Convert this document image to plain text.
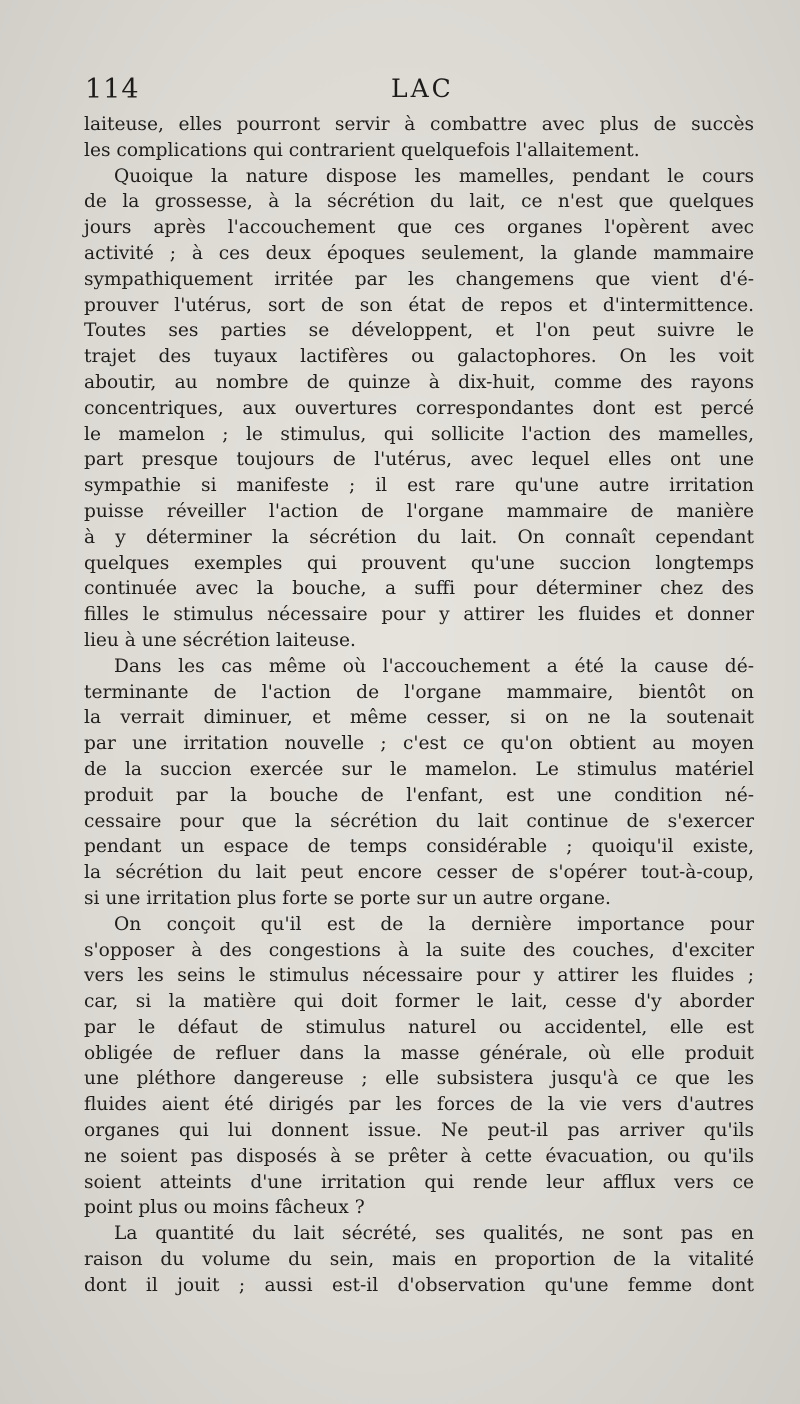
114	LAC
laiteuse, elles pourront servir à combattre avec plus de succès
les complications qui contrarient quelquefois l'allaitement.
Quoique la nature dispose les mamelles, pendant le cours
de la grossesse, à la sécrétion du lait, ce n'est que quelques
jours après l'accouchement que ces organes l'opèrent avec
activité ; à ces deux époques seulement, la glande mammaire
sympathiquement irritée par les changemens que vient d'é-
prouver l'utérus, sort de son état de repos et d'intermittence.
Toutes ses parties se développent, et l'on peut suivre le
trajet des tuyaux lactifères ou galactophores. On les voit
aboutir, au nombre de quinze à dix-huit, comme des rayons
concentriques, aux ouvertures correspondantes dont est percé
le mamelon ; le stimulus, qui sollicite l'action des mamelles,
part presque toujours de l'utérus, avec lequel elles ont une
sympathie si manifeste ; il est rare qu'une autre irritation
puisse réveiller l'action de l'organe mammaire de manière
à y déterminer la sécrétion du lait. On connaît cependant
quelques exemples qui prouvent qu'une succion longtemps
continuée avec la bouche, a suffi pour déterminer chez des
filles le stimulus nécessaire pour y attirer les fluides et donner
lieu à une sécrétion laiteuse.
Dans les cas même où l'accouchement a été la cause dé-
terminante de l'action de l'organe mammaire, bientôt on
la verrait diminuer, et même cesser, si on ne la soutenait
par une irritation nouvelle ; c'est ce qu'on obtient au moyen
de la succion exercée sur le mamelon. Le stimulus matériel
produit par la bouche de l'enfant, est une condition né-
cessaire pour que la sécrétion du lait continue de s'exercer
pendant un espace de temps considérable ; quoiqu'il existe,
la sécrétion du lait peut encore cesser de s'opérer tout-à-coup,
si une irritation plus forte se porte sur un autre organe.
On conçoit qu'il est de la dernière importance pour
s'opposer à des congestions à la suite des couches, d'exciter
vers les seins le stimulus nécessaire pour y attirer les fluides ;
car, si la matière qui doit former le lait, cesse d'y aborder
par le défaut de stimulus naturel ou accidentel, elle est
obligée de refluer dans la masse générale, où elle produit
une pléthore dangereuse ; elle subsistera jusqu'à ce que les
fluides aient été dirigés par les forces de la vie vers d'autres
organes qui lui donnent issue. Ne peut-il pas arriver qu'ils
ne soient pas disposés à se prêter à cette évacuation, ou qu'ils
soient atteints d'une irritation qui rende leur afflux vers ce
point plus ou moins fâcheux ?
La quantité du lait sécrété, ses qualités, ne sont pas en
raison du volume du sein, mais en proportion de la vitalité
dont il jouit ; aussi est-il d'observation qu'une femme dont
